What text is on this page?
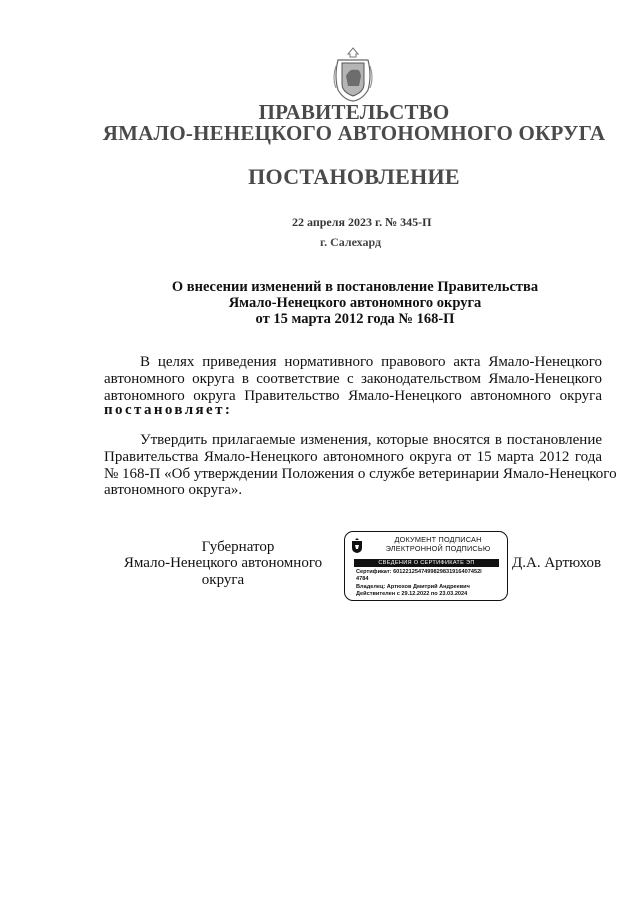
ПРАВИТЕЛЬСТВО
ЯМАЛО-НЕНЕЦКОГО АВТОНОМНОГО ОКРУГА
ПОСТАНОВЛЕНИЕ
22 апреля 2023 г. № 345-П
г. Салехард
О внесении изменений в постановление Правительства
Ямало-Ненецкого автономного округа
от 15 марта 2012 года № 168-П
В целях приведения нормативного правового акта Ямало-Ненецкого
автономного округа в соответствие с законодательством Ямало-Ненецкого
автономного округа Правительство Ямало-Ненецкого автономного округа
постановляет:
Утвердить прилагаемые изменения, которые вносятся в постановление
Правительства Ямало-Ненецкого автономного округа от 15 марта 2012 года
№ 168-П «Об утверждении Положения о службе ветеринарии Ямало-Ненецкого
автономного округа».
Губернатор
Ямало-Ненецкого автономного округа
ДОКУМЕНТ ПОДПИСАН
ЭЛЕКТРОННОЙ ПОДПИСЬЮ
СВЕДЕНИЯ О СЕРТИФИКАТЕ ЭП
Сертификат: 6012212547499829831916407452l
4784
Владелец: Артюхов Дмитрий Андреевич
Действителен с 29.12.2022 по 23.03.2024
Д.А. Артюхов
